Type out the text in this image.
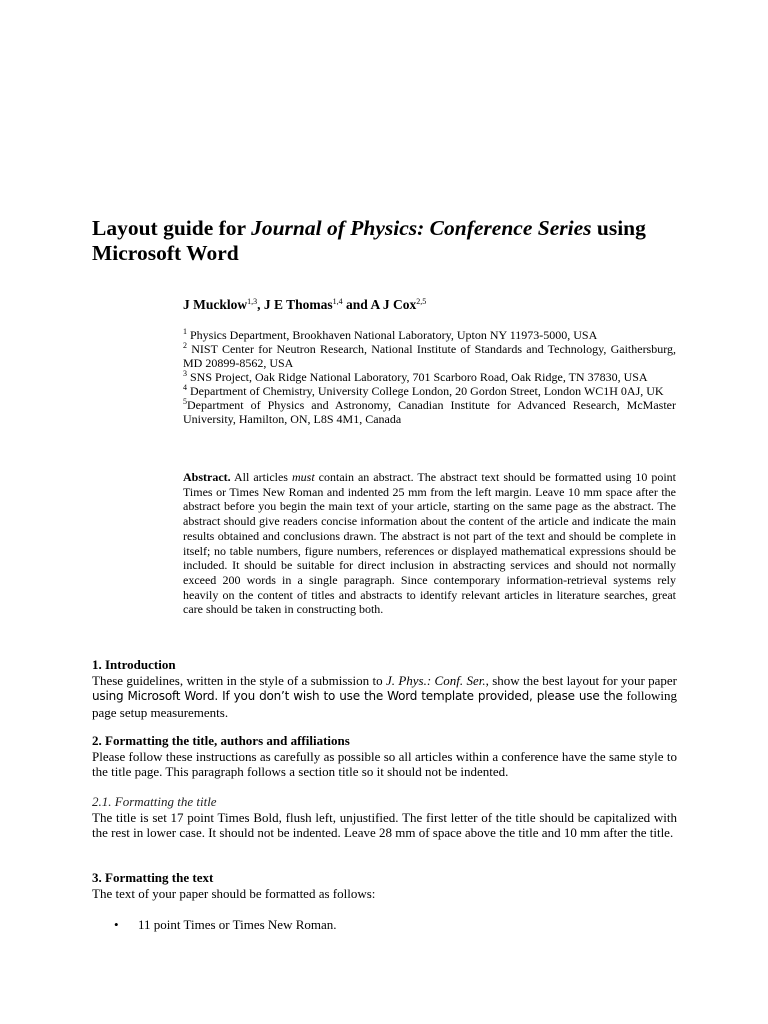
Layout guide for Journal of Physics: Conference Series using Microsoft Word

J Mucklow$^{1,3}$, J E Thomas$^{1,4}$ and A J Cox$^{2,5}$

$^1$ Physics Department, Brookhaven National Laboratory, Upton NY 11973-5000, USA

$^2$ NIST Center for Neutron Research, National Institute of Standards and Technology, Gaithersburg, MD 20899-8562, USA

$^3$ SNS Project, Oak Ridge National Laboratory, 701 Scarboro Road, Oak Ridge, TN 37830, USA

$^4$ Department of Chemistry, University College London, 20 Gordon Street, London WC1H 0AJ, UK

$^5$Department of Physics and Astronomy, Canadian Institute for Advanced Research, McMaster University, Hamilton, ON, L8S 4M1, Canada

Abstract. All articles must contain an abstract. The abstract text should be formatted using 10 point Times or Times New Roman and indented 25 mm from the left margin. Leave 10 mm space after the abstract before you begin the main text of your article, starting on the same page as the abstract. The abstract should give readers concise information about the content of the article and indicate the main results obtained and conclusions drawn. The abstract is not part of the text and should be complete in itself; no table numbers, figure numbers, references or displayed mathematical expressions should be included. It should be suitable for direct inclusion in abstracting services and should not normally exceed 200 words in a single paragraph. Since contemporary information-retrieval systems rely heavily on the content of titles and abstracts to identify relevant articles in literature searches, great care should be taken in constructing both.

1. Introduction

These guidelines, written in the style of a submission to J. Phys.: Conf. Ser., show the best layout for your paper using Microsoft Word. If you don’t wish to use the Word template provided, please use the following page setup measurements.

2. Formatting the title, authors and affiliations

Please follow these instructions as carefully as possible so all articles within a conference have the same style to the title page. This paragraph follows a section title so it should not be indented.

2.1. Formatting the title

The title is set 17 point Times Bold, flush left, unjustified. The first letter of the title should be capitalized with the rest in lower case. It should not be indented. Leave 28 mm of space above the title and 10 mm after the title.

3. Formatting the text

The text of your paper should be formatted as follows:

• 11 point Times or Times New Roman.
